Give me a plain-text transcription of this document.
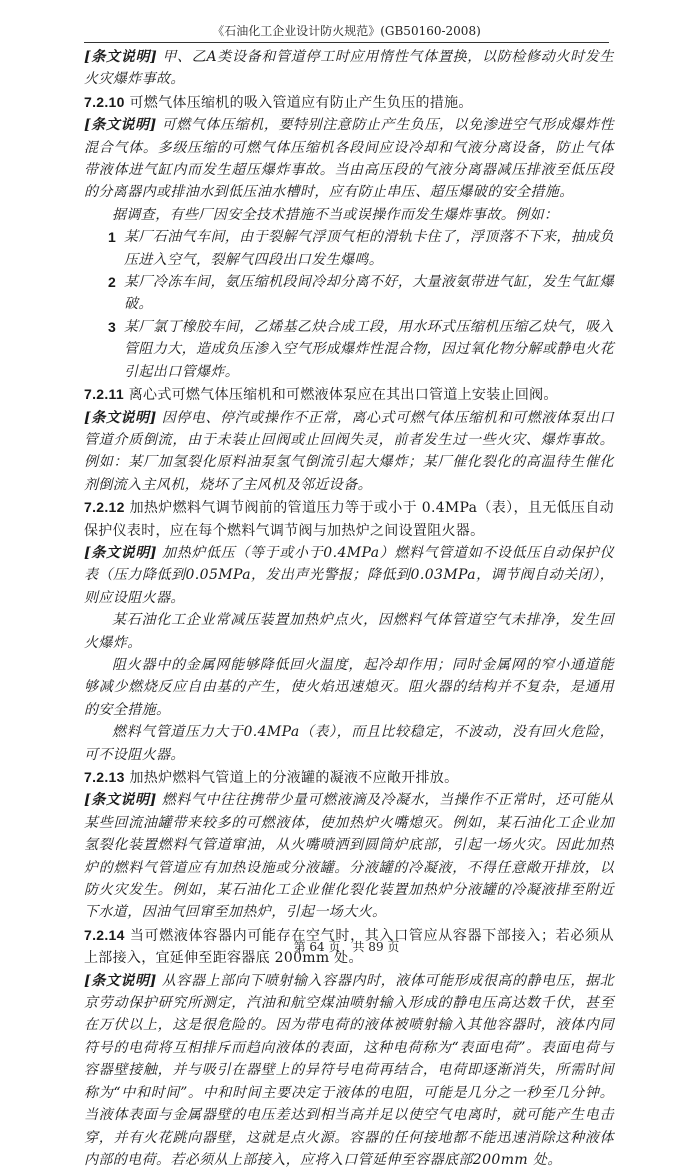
《石油化工企业设计防火规范》(GB50160-2008)

[条文说明] 甲、乙A类设备和管道停工时应用惰性气体置换，以防检修动火时发生火灾爆炸事故。

7.2.10 可燃气体压缩机的吸入管道应有防止产生负压的措施。

[条文说明] 可燃气体压缩机，要特别注意防止产生负压，以免渗进空气形成爆炸性混合气体。多级压缩的可燃气体压缩机各段间应设冷却和气液分离设备，防止气体带液体进气缸内而发生超压爆炸事故。当由高压段的气液分离器减压排液至低压段的分离器内或排油水到低压油水槽时，应有防止串压、超压爆破的安全措施。

据调查，有些厂因安全技术措施不当或误操作而发生爆炸事故。例如：

1 某厂石油气车间，由于裂解气浮顶气柜的滑轨卡住了，浮顶落不下来，抽成负压进入空气，裂解气四段出口发生爆鸣。
2 某厂冷冻车间，氨压缩机段间冷却分离不好，大量液氨带进气缸，发生气缸爆破。
3 某厂氯丁橡胶车间，乙烯基乙炔合成工段，用水环式压缩机压缩乙炔气，吸入管阻力大，造成负压渗入空气形成爆炸性混合物，因过氧化物分解或静电火花引起出口管爆炸。

7.2.11 离心式可燃气体压缩机和可燃液体泵应在其出口管道上安装止回阀。

[条文说明] 因停电、停汽或操作不正常，离心式可燃气体压缩机和可燃液体泵出口管道介质倒流，由于未装止回阀或止回阀失灵，前者发生过一些火灾、爆炸事故。例如：某厂加氢裂化原料油泵氢气倒流引起大爆炸；某厂催化裂化的高温待生催化剂倒流入主风机，烧坏了主风机及邻近设备。

7.2.12 加热炉燃料气调节阀前的管道压力等于或小于 0.4MPa（表），且无低压自动保护仪表时，应在每个燃料气调节阀与加热炉之间设置阻火器。

[条文说明] 加热炉低压（等于或小于0.4MPa）燃料气管道如不设低压自动保护仪表（压力降低到0.05MPa，发出声光警报；降低到0.03MPa，调节阀自动关闭），则应设阻火器。

某石油化工企业常减压装置加热炉点火，因燃料气体管道空气未排净，发生回火爆炸。

阻火器中的金属网能够降低回火温度，起冷却作用；同时金属网的窄小通道能够减少燃烧反应自由基的产生，使火焰迅速熄灭。阻火器的结构并不复杂，是通用的安全措施。

燃料气管道压力大于0.4MPa（表），而且比较稳定，不波动，没有回火危险，可不设阻火器。

7.2.13 加热炉燃料气管道上的分液罐的凝液不应敞开排放。

[条文说明] 燃料气中往往携带少量可燃液滴及冷凝水，当操作不正常时，还可能从某些回流油罐带来较多的可燃液体，使加热炉火嘴熄灭。例如，某石油化工企业加氢裂化装置燃料气管道窜油，从火嘴喷洒到圆筒炉底部，引起一场火灾。因此加热炉的燃料气管道应有加热设施或分液罐。分液罐的冷凝液，不得任意敞开排放，以防火灾发生。例如，某石油化工企业催化裂化装置加热炉分液罐的冷凝液排至附近下水道，因油气回窜至加热炉，引起一场大火。

7.2.14 当可燃液体容器内可能存在空气时，其入口管应从容器下部接入；若必须从上部接入，宜延伸至距容器底 200mm 处。

[条文说明] 从容器上部向下喷射输入容器内时，液体可能形成很高的静电压，据北京劳动保护研究所测定，汽油和航空煤油喷射输入形成的静电压高达数千伏，甚至在万伏以上，这是很危险的。因为带电荷的液体被喷射输入其他容器时，液体内同符号的电荷将互相排斥而趋向液体的表面，这种电荷称为“表面电荷”。表面电荷与容器壁接触，并与吸引在器壁上的异符号电荷再结合，电荷即逐渐消失，所需时间称为“中和时间”。中和时间主要决定于液体的电阻，可能是几分之一秒至几分钟。当液体表面与金属器壁的电压差达到相当高并足以使空气电离时，就可能产生电击穿，并有火花跳向器壁，这就是点火源。容器的任何接地都不能迅速消除这种液体内部的电荷。若必须从上部接入，应将入口管延伸至容器底部200mm 处。

第 64 页　共 89 页
